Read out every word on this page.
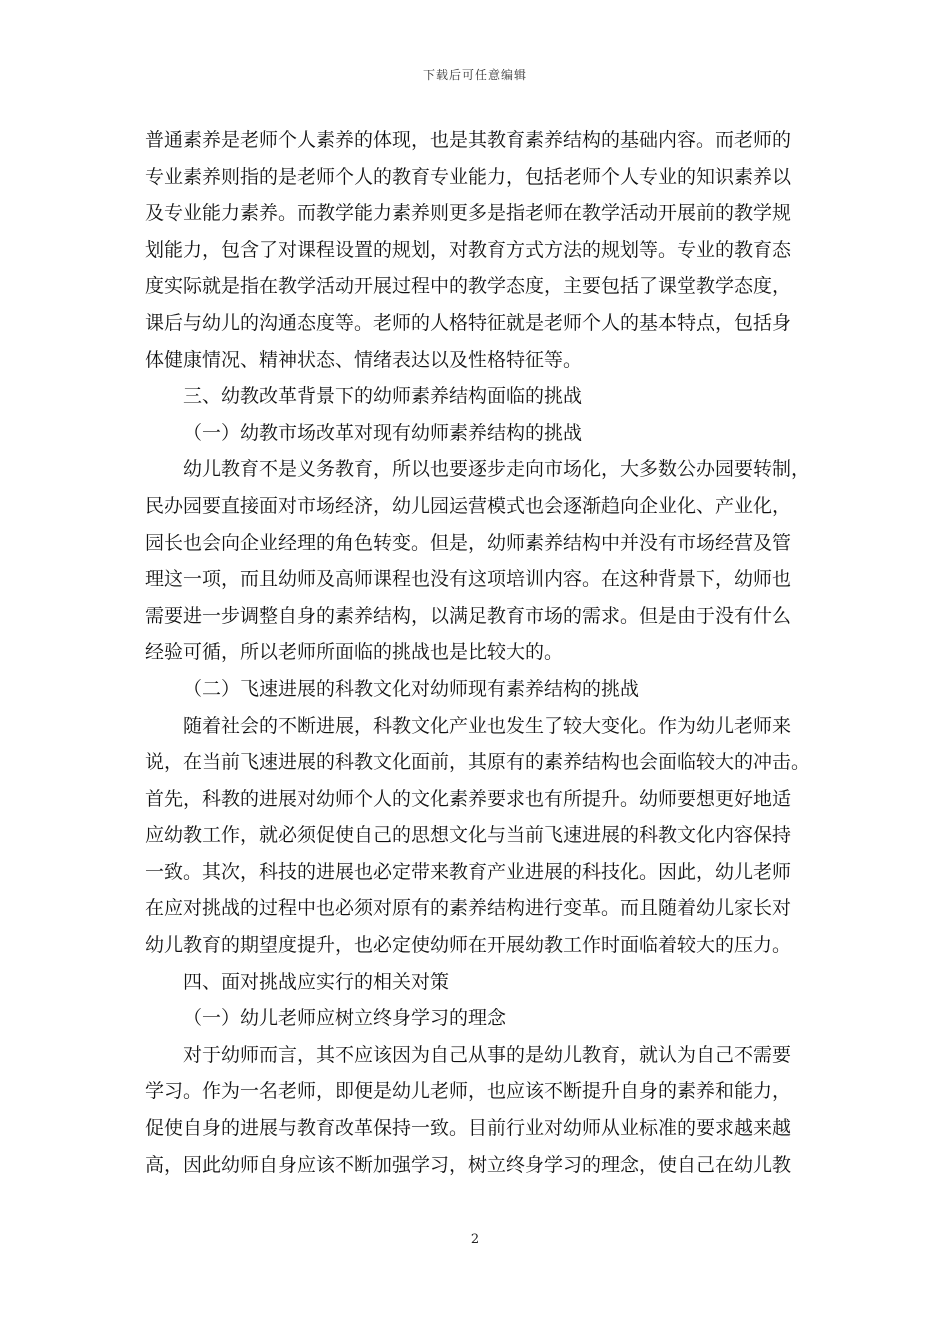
下载后可任意编辑
普通素养是老师个人素养的体现，也是其教育素养结构的基础内容。而老师的
专业素养则指的是老师个人的教育专业能力，包括老师个人专业的知识素养以
及专业能力素养。而教学能力素养则更多是指老师在教学活动开展前的教学规
划能力，包含了对课程设置的规划，对教育方式方法的规划等。专业的教育态
度实际就是指在教学活动开展过程中的教学态度，主要包括了课堂教学态度，
课后与幼儿的沟通态度等。老师的人格特征就是老师个人的基本特点，包括身
体健康情况、精神状态、情绪表达以及性格特征等。
三、幼教改革背景下的幼师素养结构面临的挑战
（一）幼教市场改革对现有幼师素养结构的挑战
幼儿教育不是义务教育，所以也要逐步走向市场化，大多数公办园要转制，
民办园要直接面对市场经济，幼儿园运营模式也会逐渐趋向企业化、产业化，
园长也会向企业经理的角色转变。但是，幼师素养结构中并没有市场经营及管
理这一项，而且幼师及高师课程也没有这项培训内容。在这种背景下，幼师也
需要进一步调整自身的素养结构，以满足教育市场的需求。但是由于没有什么
经验可循，所以老师所面临的挑战也是比较大的。
（二）飞速进展的科教文化对幼师现有素养结构的挑战
随着社会的不断进展，科教文化产业也发生了较大变化。作为幼儿老师来
说，在当前飞速进展的科教文化面前，其原有的素养结构也会面临较大的冲击。
首先，科教的进展对幼师个人的文化素养要求也有所提升。幼师要想更好地适
应幼教工作，就必须促使自己的思想文化与当前飞速进展的科教文化内容保持
一致。其次，科技的进展也必定带来教育产业进展的科技化。因此，幼儿老师
在应对挑战的过程中也必须对原有的素养结构进行变革。而且随着幼儿家长对
幼儿教育的期望度提升，也必定使幼师在开展幼教工作时面临着较大的压力。
四、面对挑战应实行的相关对策
（一）幼儿老师应树立终身学习的理念
对于幼师而言，其不应该因为自己从事的是幼儿教育，就认为自己不需要
学习。作为一名老师，即便是幼儿老师，也应该不断提升自身的素养和能力，
促使自身的进展与教育改革保持一致。目前行业对幼师从业标准的要求越来越
高，因此幼师自身应该不断加强学习，树立终身学习的理念，使自己在幼儿教
2
